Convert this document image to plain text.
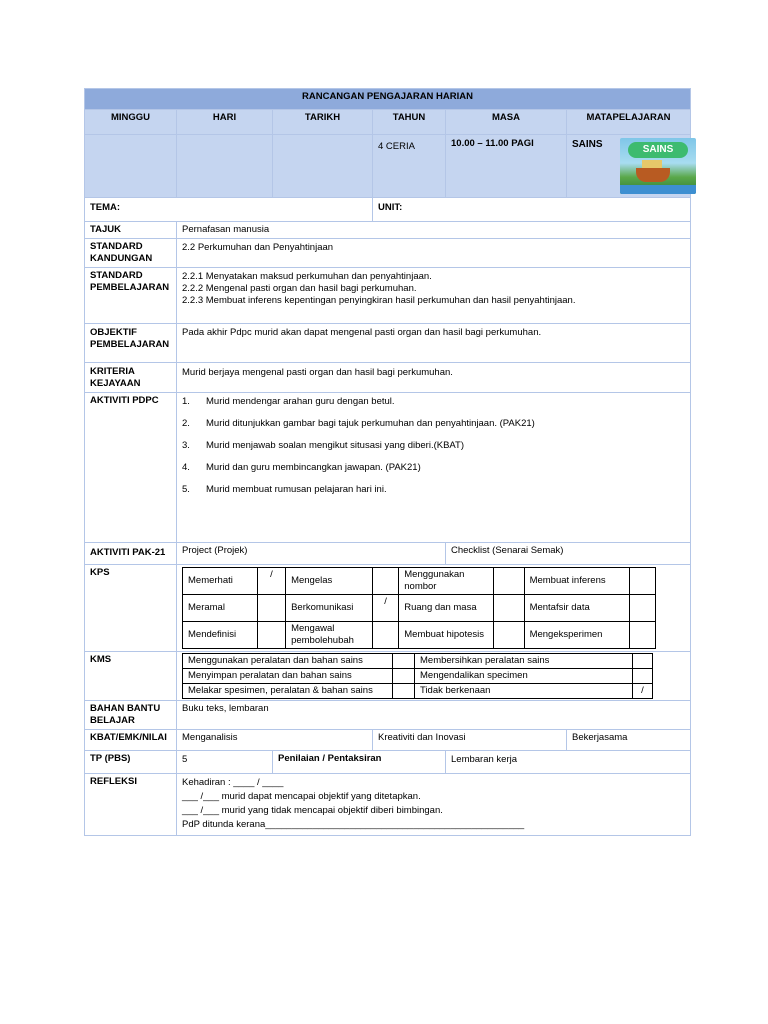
RANCANGAN PENGAJARAN HARIAN
MINGGU	HARI	TARIKH	TAHUN	MASA	MATAPELAJARAN
			4 CERIA	10.00 – 11.00 PAGI	SAINS	SAINS

TEMA:	UNIT:
TAJUK	Pernafasan manusia

STANDARD
KANDUNGAN
	2.2 Perkumuhan dan Penyahtinjaan

STANDARD
PEMBELAJARAN

2.2.1 Menyatakan maksud perkumuhan dan penyahtinjaan.
2.2.2 Mengenal pasti organ dan hasil bagi perkumuhan.
2.2.3 Membuat inferens kepentingan penyingkiran hasil perkumuhan dan hasil penyahtinjaan.

OBJEKTIF
PEMBELAJARAN
	Pada akhir Pdpc murid akan dapat mengenal pasti organ dan hasil bagi perkumuhan.

KRITERIA
KEJAYAAN
	Murid berjaya mengenal pasti organ dan hasil bagi perkumuhan.
AKTIVITI PDPC	1.	Murid mendengar arahan guru dengan betul.
2.	Murid ditunjukkan gambar bagi tajuk perkumuhan dan penyahtinjaan. (PAK21)
3.	Murid menjawab soalan mengikut situsasi yang diberi.(KBAT)
4.	Murid dan guru membincangkan jawapan. (PAK21)
5.	Murid membuat rumusan pelajaran hari ini.

AKTIVITI PAK-21	Project (Projek)	Checklist (Senarai Semak)
KPS	
Memerhati	/	Mengelas		Menggunakan nombor		Membuat inferens	
Meramal		Berkomunikasi	/	Ruang dan masa		Mentafsir data	
Mendefinisi		Mengawal pembolehubah		Membuat hipotesis		Mengeksperimen	

KMS		Menggunakan peralatan dan bahan sains		Membersihkan peralatan sains	
Menyimpan peralatan dan bahan sains		Mengendalikan specimen	
Melakar spesimen, peralatan & bahan sains		Tidak berkenaan	/

BAHAN BANTU
BELAJAR
	Buku teks, lembaran
KBAT/EMK/NILAI	Menganalisis	Kreativiti dan Inovasi	Bekerjasama
TP (PBS)	5	Penilaian / Pentaksiran	Lembaran kerja
REFLEKSI	Kehadiran : ____ / ____
___ /___ murid dapat mencapai objektif yang ditetapkan.
___ /___ murid yang tidak mencapai objektif diberi bimbingan.
PdP ditunda kerana_________________________________________________
